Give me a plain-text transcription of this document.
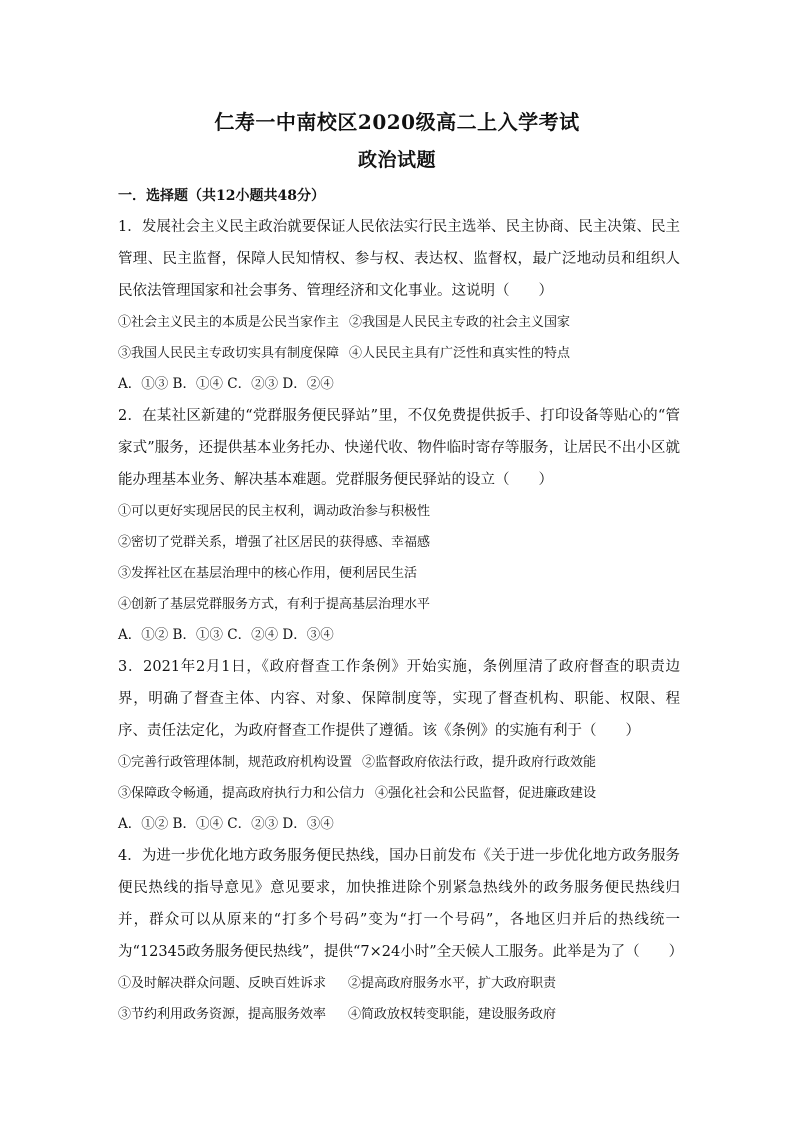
仁寿一中南校区2020级高二上入学考试
政治试题
一．选择题（共12小题共48分）

1．发展社会主义民主政治就要保证人民依法实行民主选举、民主协商、民主决策、民主管理、民主监督，保障人民知情权、参与权、表达权、监督权，最广泛地动员和组织人民依法管理国家和社会事务、管理经济和文化事业。这说明（　　）

①社会主义民主的本质是公民当家作主 ②我国是人民民主专政的社会主义国家

③我国人民民主专政切实具有制度保障 ④人民民主具有广泛性和真实性的特点

A．①③ B．①④ C．②③ D．②④

2．在某社区新建的“党群服务便民驿站”里，不仅免费提供扳手、打印设备等贴心的“管家式”服务，还提供基本业务托办、快递代收、物件临时寄存等服务，让居民不出小区就能办理基本业务、解决基本难题。党群服务便民驿站的设立（　　）

①可以更好实现居民的民主权利，调动政治参与积极性

②密切了党群关系，增强了社区居民的获得感、幸福感

③发挥社区在基层治理中的核心作用，便利居民生活

④创新了基层党群服务方式，有利于提高基层治理水平

A．①② B．①③ C．②④ D．③④

3．2021年2月1日，《政府督查工作条例》开始实施，条例厘清了政府督查的职责边界，明确了督查主体、内容、对象、保障制度等，实现了督查机构、职能、权限、程序、责任法定化，为政府督查工作提供了遵循。该《条例》的实施有利于（　　）

①完善行政管理体制，规范政府机构设置 ②监督政府依法行政，提升政府行政效能

③保障政令畅通，提高政府执行力和公信力 ④强化社会和公民监督，促进廉政建设

A．①② B．①④ C．②③ D．③④

4．为进一步优化地方政务服务便民热线，国办日前发布《关于进一步优化地方政务服务便民热线的指导意见》意见要求，加快推进除个别紧急热线外的政务服务便民热线归并，群众可以从原来的“打多个号码”变为“打一个号码”，各地区归并后的热线统一为“12345政务服务便民热线”，提供“7×24小时”全天候人工服务。此举是为了（　　）

①及时解决群众问题、反映百姓诉求 ②提高政府服务水平，扩大政府职责

③节约利用政务资源，提高服务效率 ④简政放权转变职能，建设服务政府
